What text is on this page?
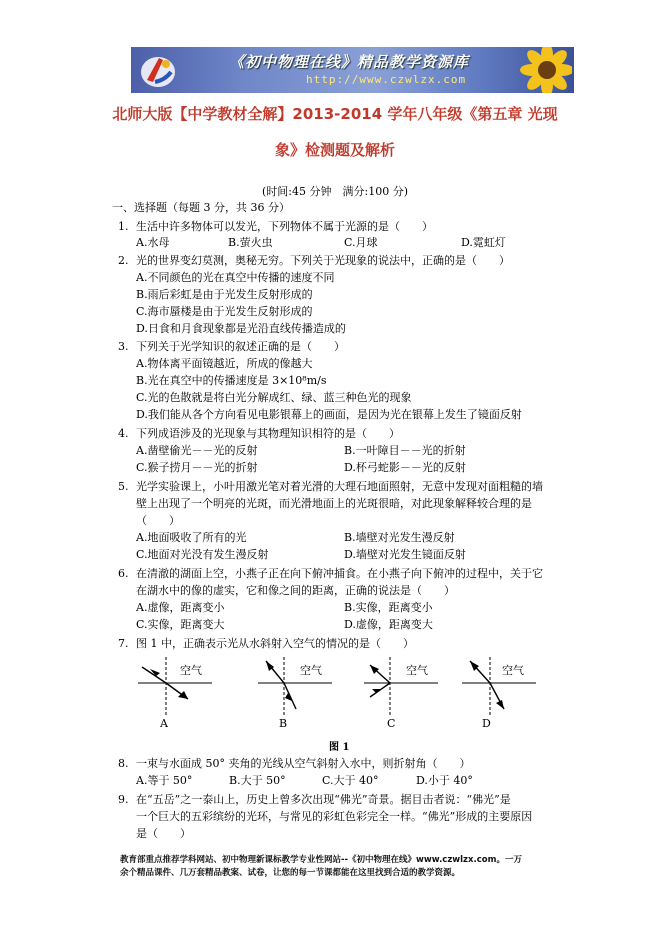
《初中物理在线》精品教学资源库
http://www.czwlzx.com
北师大版【中学教材全解】2013-2014 学年八年级《第五章 光现
象》检测题及解析
(时间:45 分钟　满分:100 分)
一、选择题（每题 3 分，共 36 分）
1. 生活中许多物体可以发光，下列物体不属于光源的是（　　）
A.水母	B.萤火虫	C.月球	D.霓虹灯
2. 光的世界变幻莫测，奥秘无穷。下列关于光现象的说法中，正确的是（　　）
A.不同颜色的光在真空中传播的速度不同
B.雨后彩虹是由于光发生反射形成的
C.海市蜃楼是由于光发生反射形成的
D.日食和月食现象都是光沿直线传播造成的
3. 下列关于光学知识的叙述正确的是（　　）
A.物体离平面镜越近，所成的像越大
B.光在真空中的传播速度是 3×10⁸m/s
C.光的色散就是将白光分解成红、绿、蓝三种色光的现象
D.我们能从各个方向看见电影银幕上的画面，是因为光在银幕上发生了镜面反射
4. 下列成语涉及的光现象与其物理知识相符的是（　　）
A.凿壁偷光－－光的反射	B.一叶障目－－光的折射
C.猴子捞月－－光的折射	D.杯弓蛇影－－光的反射
5. 光学实验课上，小叶用激光笔对着光滑的大理石地面照射，无意中发现对面粗糙的墙
壁上出现了一个明亮的光斑，而光滑地面上的光斑很暗，对此现象解释较合理的是
（　　）
A.地面吸收了所有的光	B.墙壁对光发生漫反射
C.地面对光没有发生漫反射	D.墙壁对光发生镜面反射
6. 在清澈的湖面上空，小燕子正在向下俯冲捕食。在小燕子向下俯冲的过程中，关于它
在湖水中的像的虚实，它和像之间的距离，正确的说法是（　　）
A.虚像，距离变小	B.实像，距离变小
C.实像，距离变大	D.虚像，距离变大
7. 图 1 中，正确表示光从水斜射入空气的情况的是（　　）
空气
A
空气
B
空气
C
空气
D
图 1
8. 一束与水面成 50° 夹角的光线从空气斜射入水中，则折射角（　　）
A.等于 50°	B.大于 50°	C.大于 40°	D.小于 40°
9. 在“五岳”之一泰山上，历史上曾多次出现“佛光”奇景。据目击者说：“佛光”是
一个巨大的五彩缤纷的光环，与常见的彩虹色彩完全一样。“佛光”形成的主要原因
是（　　）
教育部重点推荐学科网站、初中物理新课标教学专业性网站--《初中物理在线》www.czwlzx.com。一万
余个精品课件、几万套精品教案、试卷，让您的每一节课都能在这里找到合适的教学资源。
